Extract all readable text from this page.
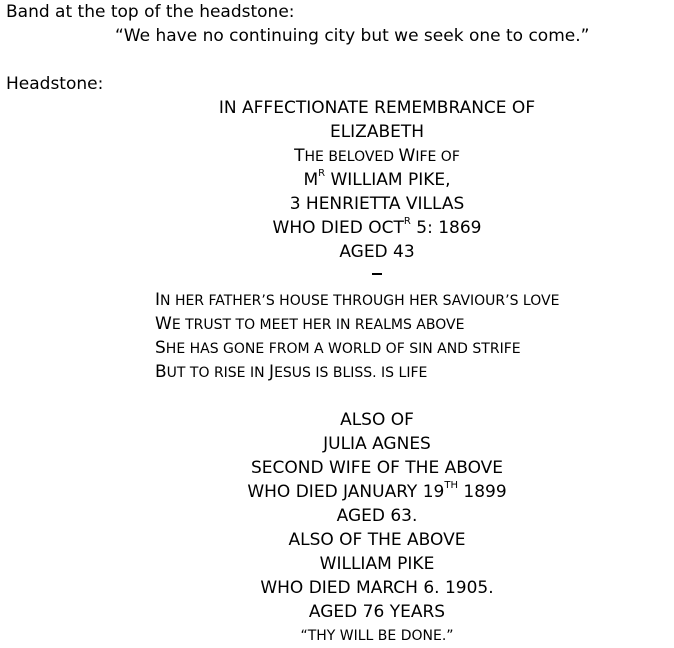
Band at the top of the headstone:
“We have no continuing city but we seek one to come.”
Headstone:
IN AFFECTIONATE REMEMBRANCE OF
ELIZABETH
THE BELOVED WIFE OF
$M^R$ WILLIAM PIKE,
3 HENRIETTA VILLAS
WHO DIED $OCT^R$ 5: 1869
AGED 43
IN HER FATHER’S HOUSE THROUGH HER SAVIOUR’S LOVE
WE TRUST TO MEET HER IN REALMS ABOVE
SHE HAS GONE FROM A WORLD OF SIN AND STRIFE
BUT TO RISE IN JESUS IS BLISS. IS LIFE
ALSO OF
JULIA AGNES
SECOND WIFE OF THE ABOVE
WHO DIED JANUARY 19TH 1899
AGED 63.
ALSO OF THE ABOVE
WILLIAM PIKE
WHO DIED MARCH 6. 1905.
AGED 76 YEARS
“THY WILL BE DONE.”
